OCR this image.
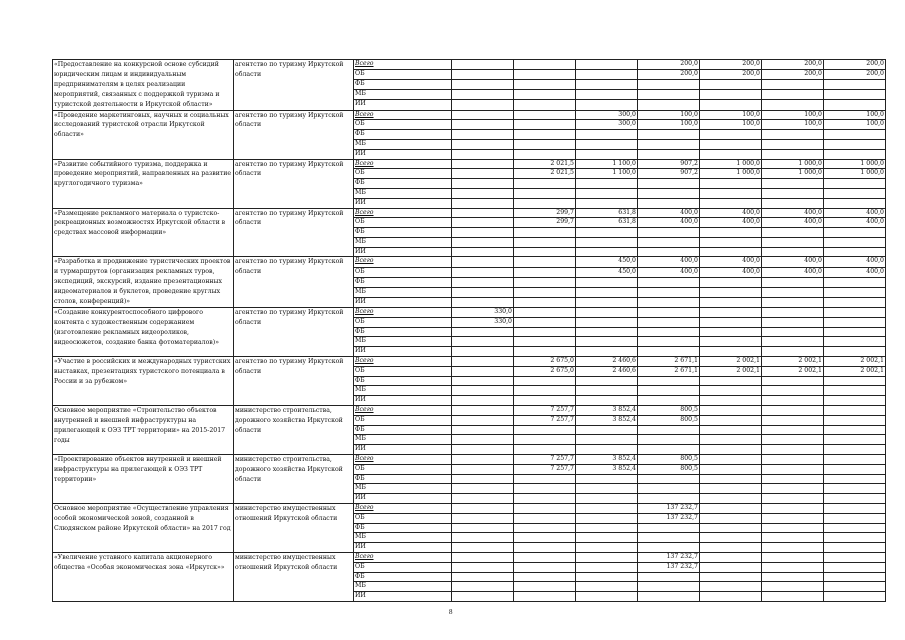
«Предоставление на конкурсной основе субсидий юридическим лицам и индивидуальным предпринимателям в целях реализации мероприятий, связанных с поддержкой туризма и туристской деятельности в Иркутской области»	агентство по туризму Иркутской области	Всего				200,0	200,0	200,0	200,0
		ОБ				200,0	200,0	200,0	200,0
		ФБ							
		МБ							
		ИИ							
«Проведение маркетинговых, научных и социальных исследований туристской отрасли Иркутской области»	агентство по туризму Иркутской области	Всего			300,0	100,0	100,0	100,0	100,0
		ОБ			300,0	100,0	100,0	100,0	100,0
		ФБ							
		МБ							
		ИИ							
«Развитие событийного туризма, поддержка и проведение мероприятий, направленных на развитие круглогодичного туризма»	агентство по туризму Иркутской области	Всего		2 021,5	1 100,0	907,2	1 000,0	1 000,0	1 000,0
		ОБ		2 021,5	1 100,0	907,2	1 000,0	1 000,0	1 000,0
		ФБ							
		МБ							
		ИИ							
«Размещение рекламного материала о туристско-рекреационных возможностях Иркутской области в средствах массовой информации»	агентство по туризму Иркутской области	Всего		299,7	631,8	400,0	400,0	400,0	400,0
		ОБ		299,7	631,8	400,0	400,0	400,0	400,0
		ФБ							
		МБ							
		ИИ							
«Разработка и продвижение туристических проектов и турмаршрутов (организация рекламных туров, экспедиций, экскурсий, издание презентационных видеоматериалов и буклетов, проведение круглых столов, конференций)»	агентство по туризму Иркутской области	Всего			450,0	400,0	400,0	400,0	400,0
		ОБ			450,0	400,0	400,0	400,0	400,0
		ФБ							
		МБ							
		ИИ							
«Создание конкурентоспособного цифрового контента с художественным содержанием (изготовление рекламных видеороликов, видеосюжетов, создание банка фотоматериалов)»	агентство по туризму Иркутской области	Всего	330,0						
		ОБ	330,0						
		ФБ							
		МБ							
		ИИ							
«Участие в российских и международных туристских выставках, презентациях туристского потенциала в России и за рубежом»	агентство по туризму Иркутской области	Всего		2 675,0	2 460,6	2 671,1	2 002,1	2 002,1	2 002,1
		ОБ		2 675,0	2 460,6	2 671,1	2 002,1	2 002,1	2 002,1
		ФБ							
		МБ							
		ИИ							
Основное мероприятие «Строительство объектов внутренней и внешней инфраструктуры на прилегающей к ОЭЗ ТРТ территории» на 2015-2017 годы	министерство строительства, дорожного хозяйства Иркутской области	Всего		7 257,7	3 852,4	800,5			
		ОБ		7 257,7	3 852,4	800,5			
		ФБ							
		МБ							
		ИИ							
«Проектирование объектов внутренней и внешней инфраструктуры на прилегающей к ОЭЗ ТРТ территории»	министерство строительства, дорожного хозяйства Иркутской области	Всего		7 257,7	3 852,4	800,5			
		ОБ		7 257,7	3 852,4	800,5			
		ФБ							
		МБ							
		ИИ							
Основное мероприятие «Осуществление управления особой экономической зоной, созданной в Слюдянском районе Иркутской области» на 2017 год	министерство имущественных отношений Иркутской области	Всего				137 232,7			
		ОБ				137 232,7			
		ФБ							
		МБ							
		ИИ							
«Увеличение уставного капитала акционерного общества «Особая экономическая зона «Иркутск»»	министерство имущественных отношений Иркутской области	Всего				137 232,7			
		ОБ				137 232,7			
		ФБ							
		МБ							
		ИИ							
8
